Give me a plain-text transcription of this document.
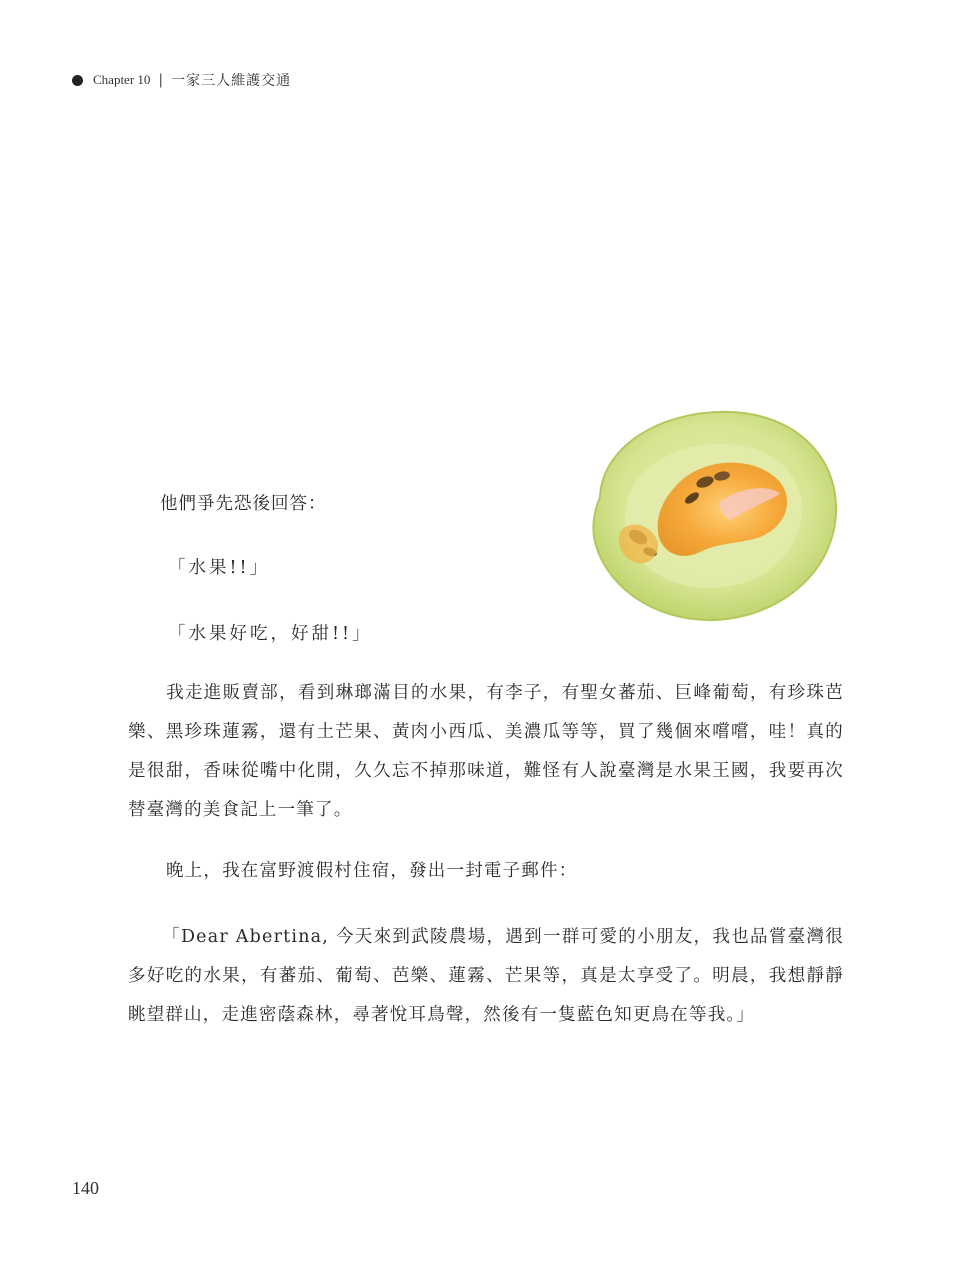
Chapter 10 | 一家三人維護交通
他們爭先恐後回答：
「水果!!」
「水果好吃，好甜!!」
我走進販賣部，看到琳瑯滿目的水果，有李子，有聖女蕃茄、巨峰葡萄，有珍珠芭樂、黑珍珠蓮霧，還有土芒果、黃肉小西瓜、美濃瓜等等，買了幾個來嚐嚐，哇！真的是很甜，香味從嘴中化開，久久忘不掉那味道，難怪有人說臺灣是水果王國，我要再次替臺灣的美食記上一筆了。
晚上，我在富野渡假村住宿，發出一封電子郵件：
「Dear Abertina, 今天來到武陵農場，遇到一群可愛的小朋友，我也品嘗臺灣很多好吃的水果，有蕃茄、葡萄、芭樂、蓮霧、芒果等，真是太享受了。明晨，我想靜靜眺望群山，走進密蔭森林，尋著悅耳鳥聲，然後有一隻藍色知更鳥在等我。」
140
